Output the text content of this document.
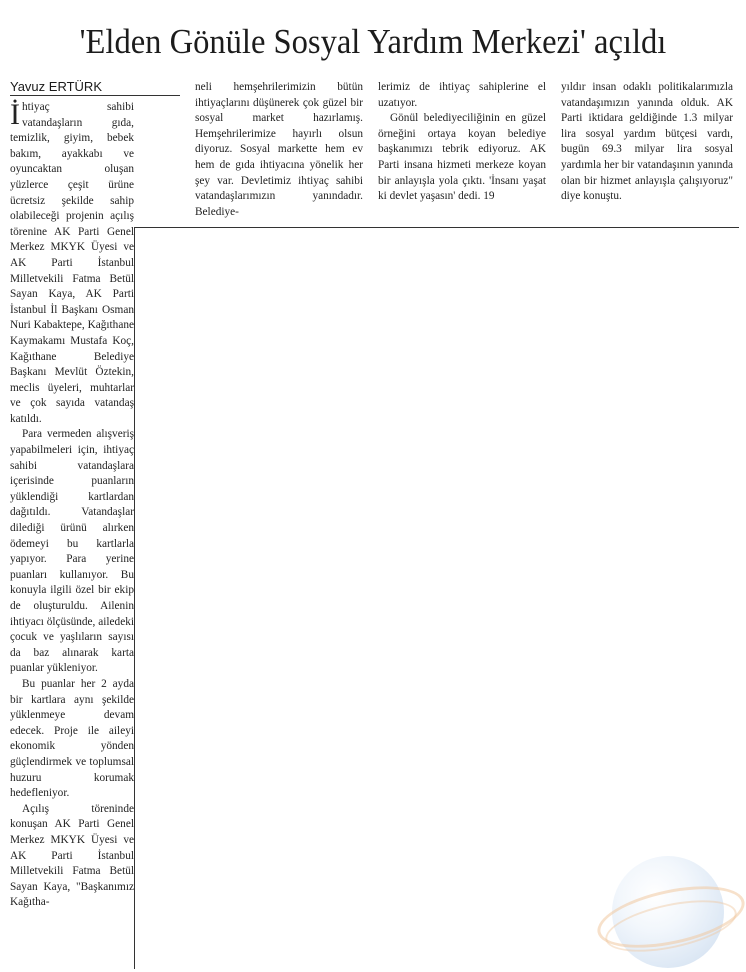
'Elden Gönüle Sosyal Yardım Merkezi' açıldı
Yavuz ERTÜRK

İhtiyaç sahibi vatandaşların gıda, temizlik, giyim, bebek bakım, ayakkabı ve oyuncaktan oluşan yüzlerce çeşit ürüne ücretsiz şekilde sahip olabileceği projenin açılış törenine AK Parti Genel Merkez MKYK Üyesi ve AK Parti İstanbul Milletvekili Fatma Betül Sayan Kaya, AK Parti İstanbul İl Başkanı Osman Nuri Kabaktepe, Kağıthane Kaymakamı Mustafa Koç, Kağıthane Belediye Başkanı Mevlüt Öztekin, meclis üyeleri, muhtarlar ve çok sayıda vatandaş katıldı.

Para vermeden alışveriş yapabilmeleri için, ihtiyaç sahibi vatandaşlara içerisinde puanların yüklendiği kartlardan dağıtıldı. Vatandaşlar dilediği ürünü alırken ödemeyi bu kartlarla yapıyor. Para yerine puanları kullanıyor. Bu konuyla ilgili özel bir ekip de oluşturuldu. Ailenin ihtiyacı ölçüsünde, ailedeki çocuk ve yaşlıların sayısı da baz alınarak karta puanlar yükleniyor.

Bu puanlar her 2 ayda bir kartlara aynı şekilde yüklenmeye devam edecek. Proje ile aileyi ekonomik yönden güçlendirmek ve toplumsal huzuru korumak hedefleniyor.

Açılış töreninde konuşan AK Parti Genel Merkez MKYK Üyesi ve AK Parti İstanbul Milletvekili Fatma Betül Sayan Kaya, "Başkanımız Kağıtha-

neli hemşehrilerimizin bütün ihtiyaçlarını düşünerek çok güzel bir sosyal market hazırlamış. Hemşehrilerimize hayırlı olsun diyoruz. Sosyal markette hem ev hem de gıda ihtiyacına yönelik her şey var. Devletimiz ihtiyaç sahibi vatandaşlarımızın yanındadır. Belediye-

lerimiz de ihtiyaç sahiplerine el uzatıyor.

Gönül belediyeciliğinin en güzel örneğini ortaya koyan belediye başkanımızı tebrik ediyoruz. AK Parti insana hizmeti merkeze koyan bir anlayışla yola çıktı. 'İnsanı yaşat ki devlet yaşasın' dedi. 19

yıldır insan odaklı politikalarımızla vatandaşımızın yanında olduk. AK Parti iktidara geldiğinde 1.3 milyar lira sosyal yardım bütçesi vardı, bugün 69.3 milyar lira sosyal yardımla her bir vatandaşının yanında olan bir hizmet anlayışla çalışıyoruz" diye konuştu.
